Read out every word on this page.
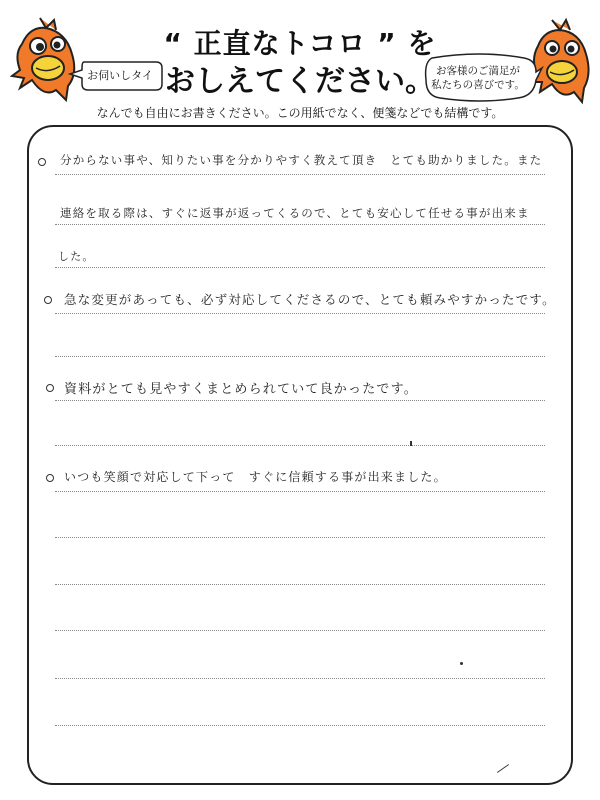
お伺いしタイ	お客様のご満足が
私たちの喜びです。
“ 正直なトコロ ” を
おしえてください。
なんでも自由にお書きください。この用紙でなく、便箋などでも結構です。
分からない事や、知りたい事を分かりやすく教えて頂き　とても助かりました。また
連絡を取る際は、すぐに返事が返ってくるので、とても安心して任せる事が出来ま
した。
急な変更があっても、必ず対応してくださるので、とても頼みやすかったです。
資料がとても見やすくまとめられていて良かったです。
いつも笑顔で対応して下って　すぐに信頼する事が出来ました。
